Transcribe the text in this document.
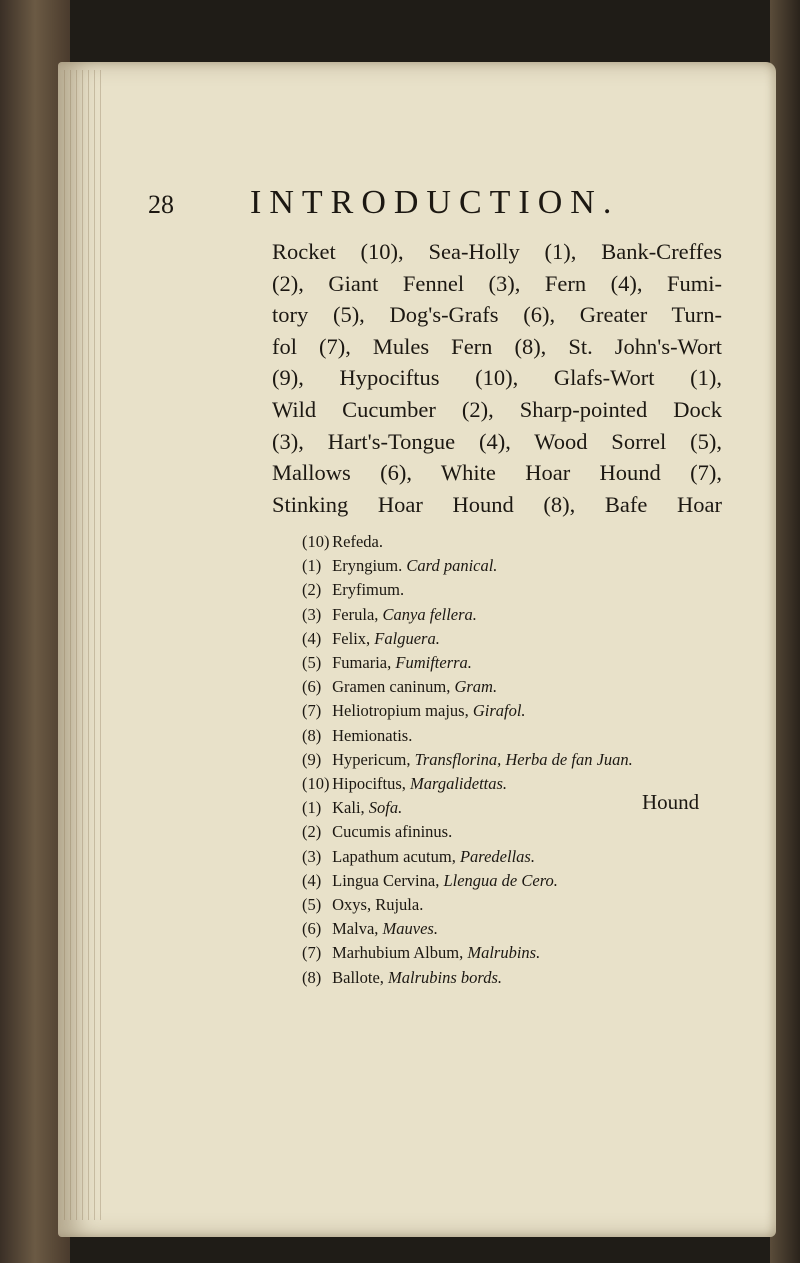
28 INTRODUCTION.
Rocket (10), Sea-Holly (1), Bank-Creffes
(2), Giant Fennel (3), Fern (4), Fumi-
tory (5), Dog's-Grafs (6), Greater Turn-
fol (7), Mules Fern (8), St. John's-Wort
(9), Hypociftus (10), Glafs-Wort (1),
Wild Cucumber (2), Sharp-pointed Dock
(3), Hart's-Tongue (4), Wood Sorrel (5),
Mallows (6), White Hoar Hound (7),
Stinking Hoar Hound (8), Bafe Hoar
(10) Refeda.
(1) Eryngium. Card panical.
(2) Eryfimum.
(3) Ferula, Canya fellera.
(4) Felix, Falguera.
(5) Fumaria, Fumifterra.
(6) Gramen caninum, Gram.
(7) Heliotropium majus, Girafol.
(8) Hemionatis.
(9) Hypericum, Transflorina, Herba de fan Juan.
(10) Hipociftus, Margalidettas.
(1) Kali, Sofa.
(2) Cucumis afininus.
(3) Lapathum acutum, Paredellas.
(4) Lingua Cervina, Llengua de Cero.
(5) Oxys, Rujula.
(6) Malva, Mauves.
(7) Marhubium Album, Malrubins.
(8) Ballote, Malrubins bords.
Hound
